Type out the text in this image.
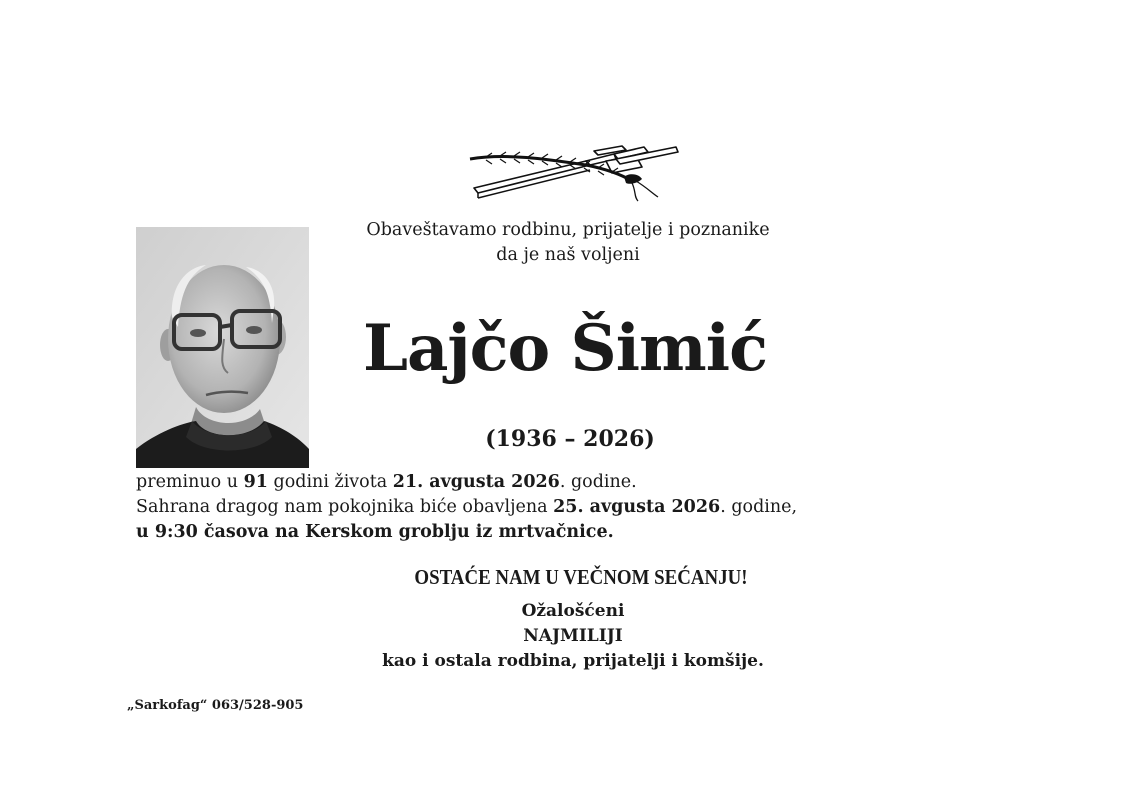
Obaveštavamo rodbinu, prijatelje i poznanike
da je naš voljeni
Lajčo Šimić
(1936 – 2026)
preminuo u 91 godini života 21. avgusta 2026. godine.
Sahrana dragog nam pokojnika biće obavljena 25. avgusta 2026. godine,
u 9:30 časova na Kerskom groblju iz mrtvačnice.
OSTAĆE NAM U VEČNOM SEĆANJU!
Ožalošćeni
NAJMILIJI
kao i ostala rodbina, prijatelji i komšije.
„Sarkofag“ 063/528-905
